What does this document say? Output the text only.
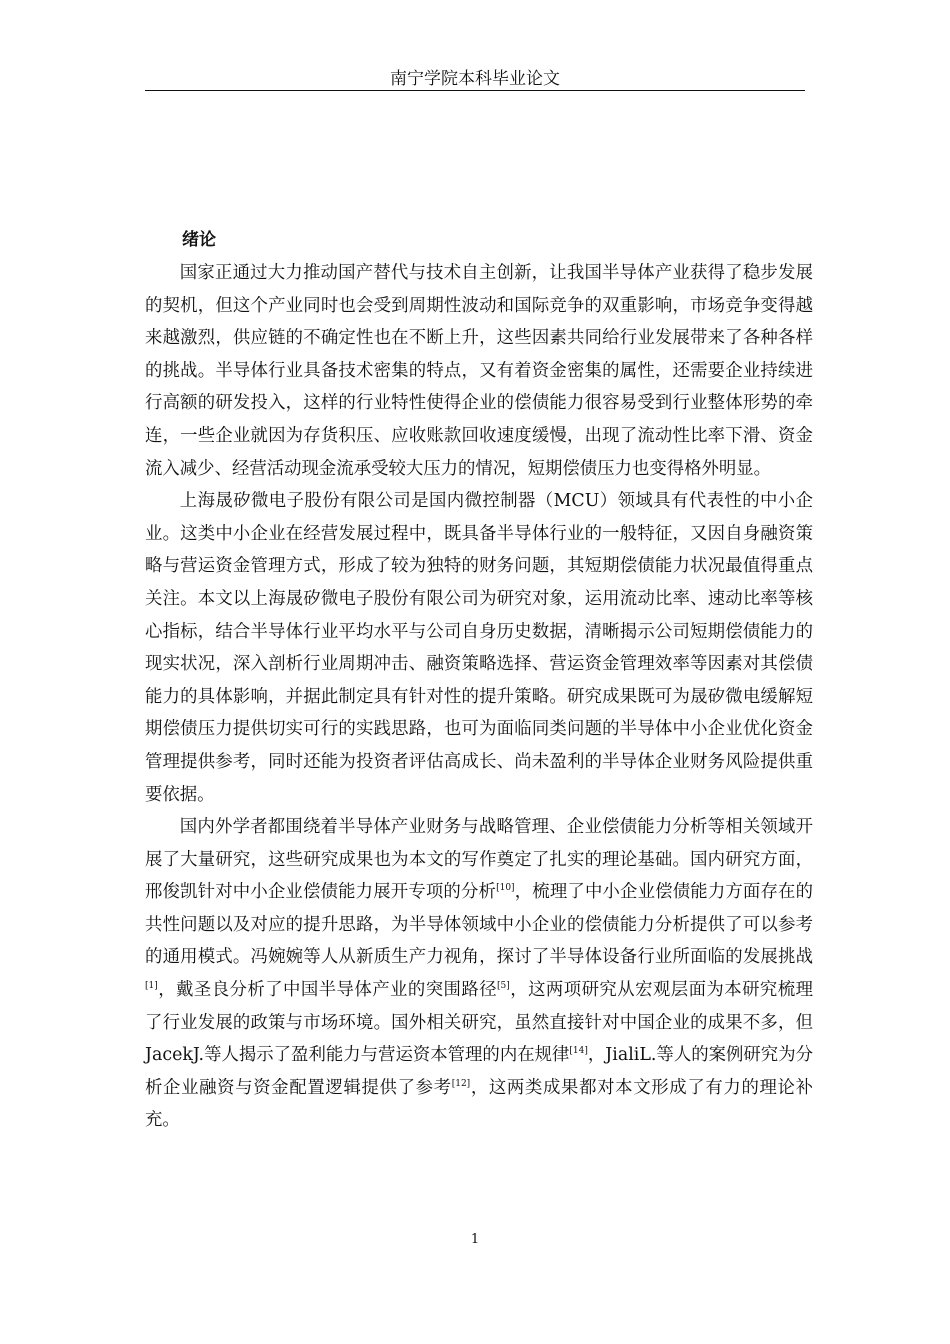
南宁学院本科毕业论文
绪论

国家正通过大力推动国产替代与技术自主创新，让我国半导体产业获得了稳步发展的契机，但这个产业同时也会受到周期性波动和国际竞争的双重影响，市场竞争变得越来越激烈，供应链的不确定性也在不断上升，这些因素共同给行业发展带来了各种各样的挑战。半导体行业具备技术密集的特点，又有着资金密集的属性，还需要企业持续进行高额的研发投入，这样的行业特性使得企业的偿债能力很容易受到行业整体形势的牵连，一些企业就因为存货积压、应收账款回收速度缓慢，出现了流动性比率下滑、资金流入减少、经营活动现金流承受较大压力的情况，短期偿债压力也变得格外明显。

上海晟矽微电子股份有限公司是国内微控制器（MCU）领域具有代表性的中小企业。这类中小企业在经营发展过程中，既具备半导体行业的一般特征，又因自身融资策略与营运资金管理方式，形成了较为独特的财务问题，其短期偿债能力状况最值得重点关注。本文以上海晟矽微电子股份有限公司为研究对象，运用流动比率、速动比率等核心指标，结合半导体行业平均水平与公司自身历史数据，清晰揭示公司短期偿债能力的现实状况，深入剖析行业周期冲击、融资策略选择、营运资金管理效率等因素对其偿债能力的具体影响，并据此制定具有针对性的提升策略。研究成果既可为晟矽微电缓解短期偿债压力提供切实可行的实践思路，也可为面临同类问题的半导体中小企业优化资金管理提供参考，同时还能为投资者评估高成长、尚未盈利的半导体企业财务风险提供重要依据。

国内外学者都围绕着半导体产业财务与战略管理、企业偿债能力分析等相关领域开展了大量研究，这些研究成果也为本文的写作奠定了扎实的理论基础。国内研究方面，邢俊凯针对中小企业偿债能力展开专项的分析[10]，梳理了中小企业偿债能力方面存在的共性问题以及对应的提升思路，为半导体领域中小企业的偿债能力分析提供了可以参考的通用模式。冯婉婉等人从新质生产力视角，探讨了半导体设备行业所面临的发展挑战[1]，戴圣良分析了中国半导体产业的突围路径[5]，这两项研究从宏观层面为本研究梳理了行业发展的政策与市场环境。国外相关研究，虽然直接针对中国企业的成果不多，但JacekJ.等人揭示了盈利能力与营运资本管理的内在规律[14]，JialiL.等人的案例研究为分析企业融资与资金配置逻辑提供了参考[12]，这两类成果都对本文形成了有力的理论补充。

1
